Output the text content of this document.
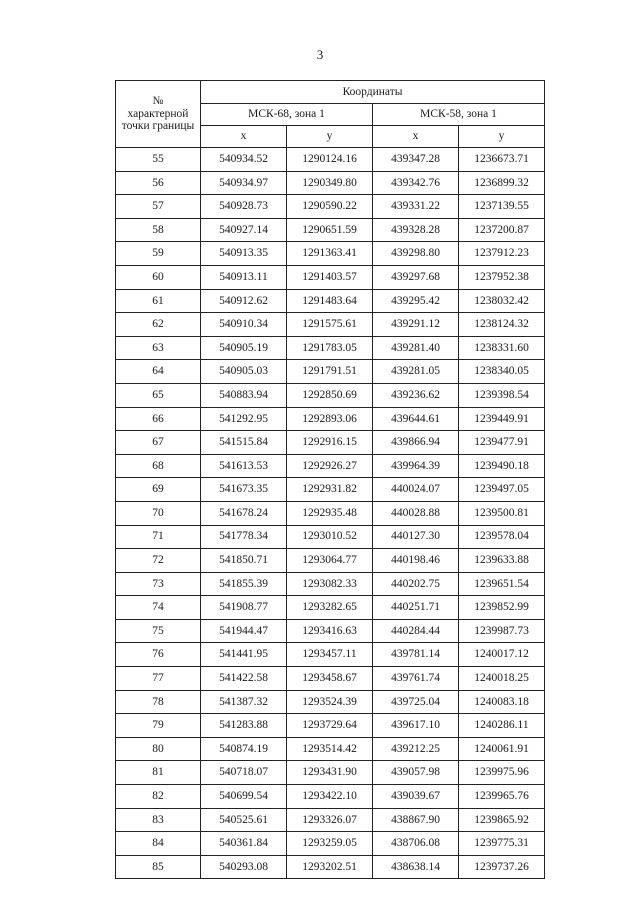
3
№
характерной
точки границы	Координаты			
	МСК-68, зона 1		МСК-58, зона 1	
	x	y	x	y
55	540934.52	1290124.16	439347.28	1236673.71
56	540934.97	1290349.80	439342.76	1236899.32
57	540928.73	1290590.22	439331.22	1237139.55
58	540927.14	1290651.59	439328.28	1237200.87
59	540913.35	1291363.41	439298.80	1237912.23
60	540913.11	1291403.57	439297.68	1237952.38
61	540912.62	1291483.64	439295.42	1238032.42
62	540910.34	1291575.61	439291.12	1238124.32
63	540905.19	1291783.05	439281.40	1238331.60
64	540905.03	1291791.51	439281.05	1238340.05
65	540883.94	1292850.69	439236.62	1239398.54
66	541292.95	1292893.06	439644.61	1239449.91
67	541515.84	1292916.15	439866.94	1239477.91
68	541613.53	1292926.27	439964.39	1239490.18
69	541673.35	1292931.82	440024.07	1239497.05
70	541678.24	1292935.48	440028.88	1239500.81
71	541778.34	1293010.52	440127.30	1239578.04
72	541850.71	1293064.77	440198.46	1239633.88
73	541855.39	1293082.33	440202.75	1239651.54
74	541908.77	1293282.65	440251.71	1239852.99
75	541944.47	1293416.63	440284.44	1239987.73
76	541441.95	1293457.11	439781.14	1240017.12
77	541422.58	1293458.67	439761.74	1240018.25
78	541387.32	1293524.39	439725.04	1240083.18
79	541283.88	1293729.64	439617.10	1240286.11
80	540874.19	1293514.42	439212.25	1240061.91
81	540718.07	1293431.90	439057.98	1239975.96
82	540699.54	1293422.10	439039.67	1239965.76
83	540525.61	1293326.07	438867.90	1239865.92
84	540361.84	1293259.05	438706.08	1239775.31
85	540293.08	1293202.51	438638.14	1239737.26
